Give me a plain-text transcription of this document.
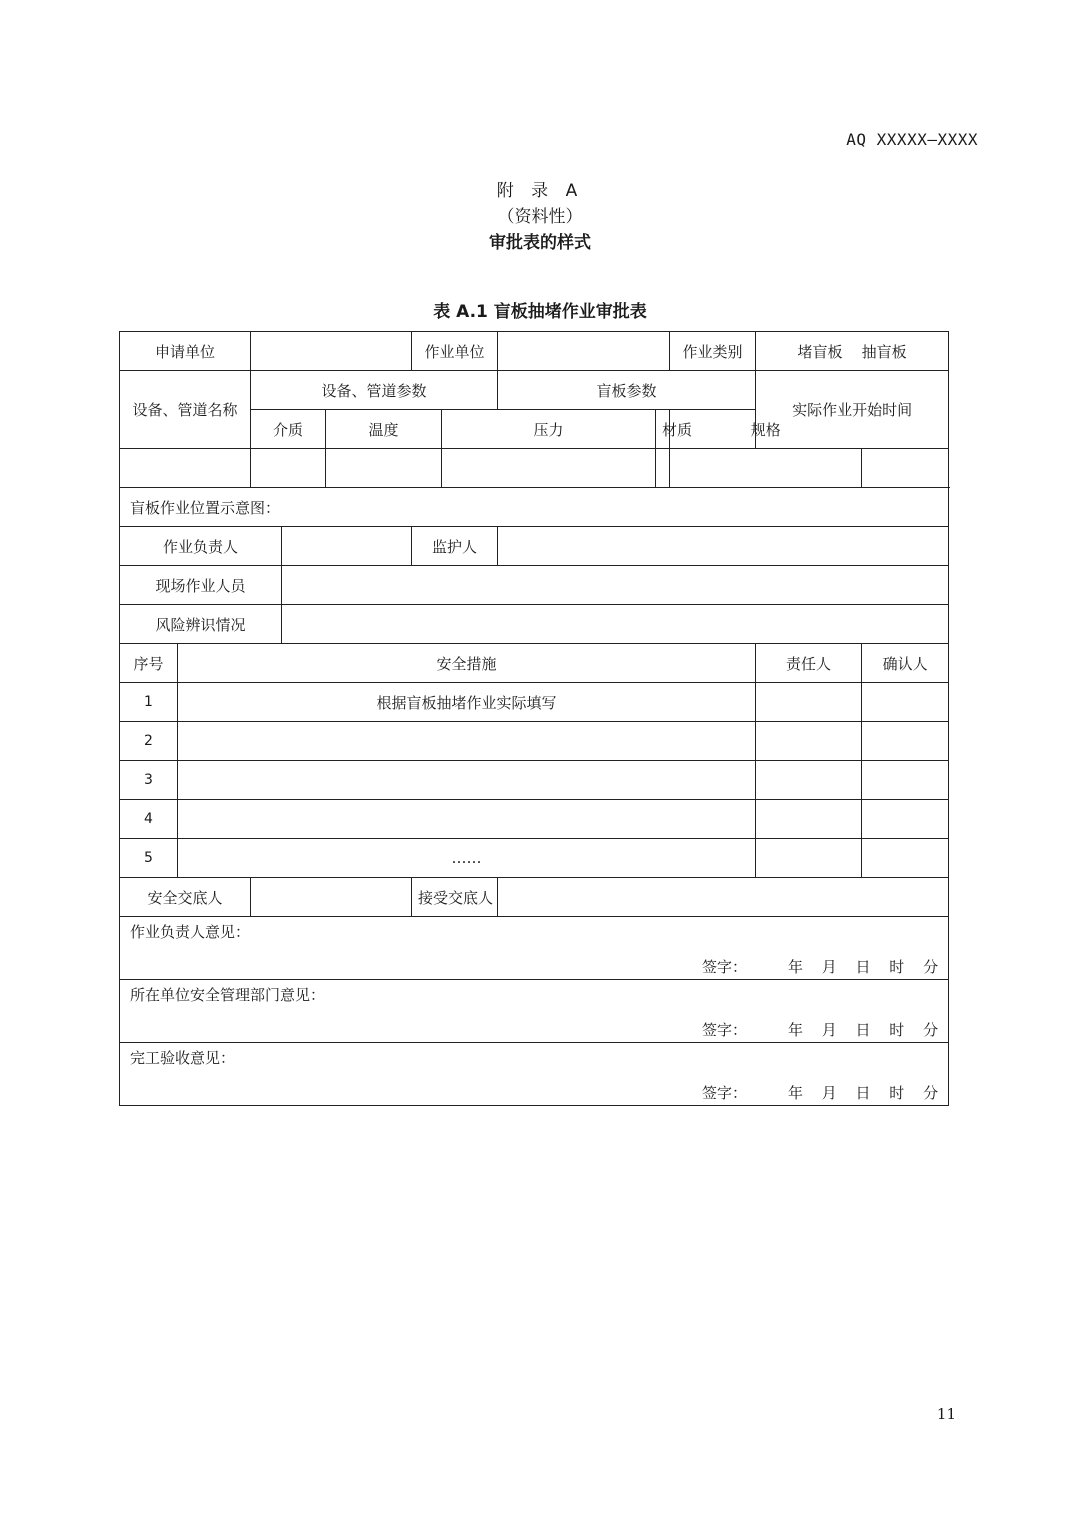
AQ XXXXX—XXXX
附 录 A
（资料性）
审批表的样式
表 A.1 盲板抽堵作业审批表
申请单位					作业单位				作业类别	堵盲板    抽盲板		
设备、管道名称		设备、管道参数					盲板参数			实际作业开始时间		
		介质		温度		压力		材质	规格	

盲板作业位置示意图：												
作业负责人					监护人							
现场作业人员												
风险辨识情况												
序号	安全措施									责任人	确认人	
1	根据盲板抽堵作业实际填写											
2												
3												
4												
5	……											
安全交底人					接受交底人							

作业负责人意见：
签字： 年 月 日 时 分												

所在单位安全管理部门意见：
签字： 年 月 日 时 分												

完工验收意见：
签字： 年 月 日 时 分												
11
